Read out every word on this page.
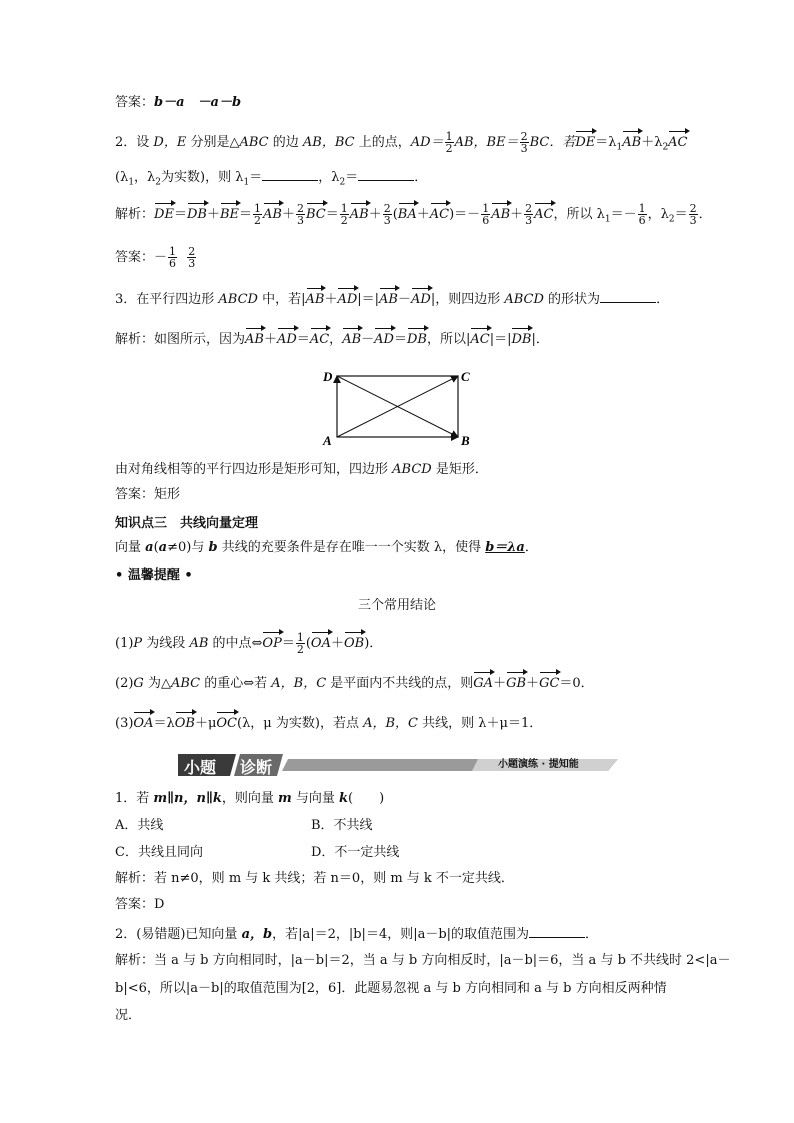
答案：b－a　－a－b
2．设 D，E 分别是△ABC 的边 AB，BC 上的点，$AD= \frac{1}{2}$ AB，$BE= \frac{2}{3}$ BC．若$DE=\lambda_1AB+\lambda_2AC$
($\lambda_1$，$\lambda_2$为实数)，则 $\lambda_1=$	，$\lambda_2=$	．
解析：$DE=DB+BE= \frac{1}{2} AB+ \frac{2}{3} BC= \frac{1}{2} AB+ \frac{2}{3} (BA+AC)=- \frac{1}{6} AB+ \frac{2}{3}$ AC，所以 $\lambda_1=- \frac{1}{6}$ ，$\lambda_2= \frac{2}{3}$ ．
答案：－ $\frac{1}{6}$
$\frac{2}{3}$
3．在平行四边形 ABCD 中，若|AB＋AD|＝|AB－AD|，则四边形 ABCD 的形状为	．
解析：如图所示，因为AB＋AD＝AC，AB－AD＝DB，所以|AC|＝|DB|．
D	C
A	B
由对角线相等的平行四边形是矩形可知，四边形 ABCD 是矩形．
答案：矩形
知识点三　共线向量定理
向量 a(a≠0)与 b 共线的充要条件是存在唯一一个实数 λ，使得 b＝λa．
• 温馨提醒 •
三个常用结论
(1)P 为线段 AB 的中点⇔OP＝ $\frac{1}{2} (OA+OB)$．
(2)G 为△ABC 的重心⇔若 A，B，C 是平面内不共线的点，则GA＋GB＋GC＝0．
(3)OA＝λOB＋μOC(λ，μ 为实数)，若点 A，B，C 共线，则 λ＋μ＝1．
小题 诊断	小题演练 · 提知能
1．若 m∥n，n∥k，则向量 m 与向量 k(　　)
A．共线	B．不共线
C．共线且同向	D．不一定共线
解析：若 n≠0，则 m 与 k 共线；若 n＝0，则 m 与 k 不一定共线．
答案：D
2．(易错题)已知向量 a，b，若|a|＝2，|b|＝4，则|a－b|的取值范围为	．
解析：当 a 与 b 方向相同时，|a－b|＝2，当 a 与 b 方向相反时，|a－b|＝6，当 a 与 b 不共线时 2<|a－
b|<6，所以|a－b|的取值范围为[2，6]．此题易忽视 a 与 b 方向相同和 a 与 b 方向相反两种情
况．
